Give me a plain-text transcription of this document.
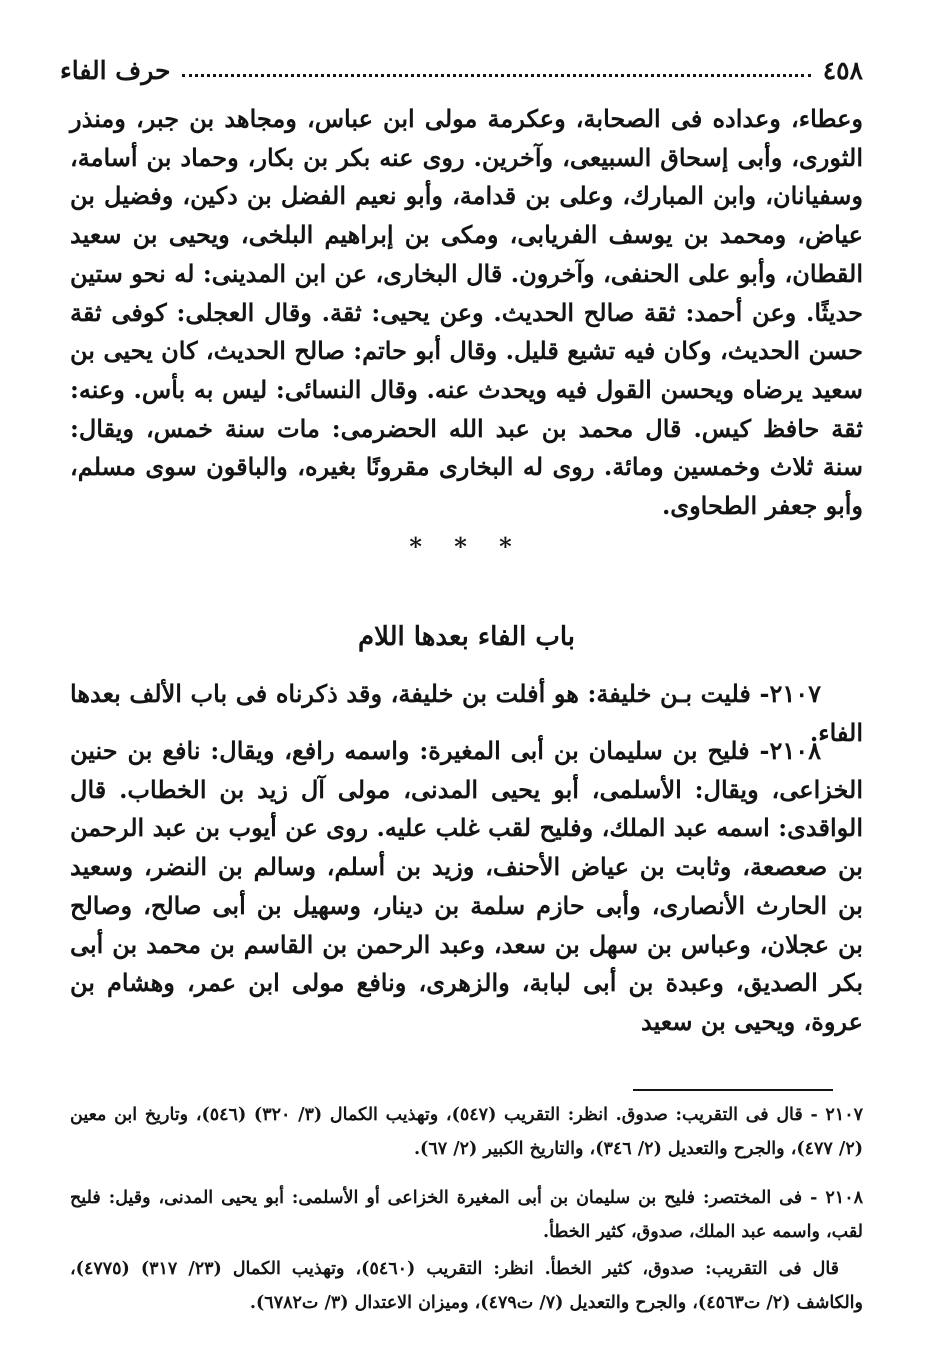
٤٥٨
حرف الفاء

وعطاء، وعداده فى الصحابة، وعكرمة مولى ابن عباس، ومجاهد بن جبر، ومنذر الثورى، وأبى إسحاق السبيعى، وآخرين. روى عنه بكر بن بكار، وحماد بن أسامة، وسفيانان، وابن المبارك، وعلى بن قدامة، وأبو نعيم الفضل بن دكين، وفضيل بن عياض، ومحمد بن يوسف الفريابى، ومكى بن إبراهيم البلخى، ويحيى بن سعيد القطان، وأبو على الحنفى، وآخرون. قال البخارى، عن ابن المدينى: له نحو ستين حديثًا. وعن أحمد: ثقة صالح الحديث. وعن يحيى: ثقة. وقال العجلى: كوفى ثقة حسن الحديث، وكان فيه تشيع قليل. وقال أبو حاتم: صالح الحديث، كان يحيى بن سعيد يرضاه ويحسن القول فيه ويحدث عنه. وقال النسائى: ليس به بأس. وعنه: ثقة حافظ كيس. قال محمد بن عبد الله الحضرمى: مات سنة خمس، ويقال: سنة ثلاث وخمسين ومائة. روى له البخارى مقرونًا بغيره، والباقون سوى مسلم، وأبو جعفر الطحاوى.

* * *
باب الفاء بعدها اللام

٢١٠٧- فليت بـن خليفة: هو أفلت بن خليفة، وقد ذكرناه فى باب الألف بعدها الفاء.

٢١٠٨- فليح بن سليمان بن أبى المغيرة: واسمه رافع، ويقال: نافع بن حنين الخزاعى، ويقال: الأسلمى، أبو يحيى المدنى، مولى آل زيد بن الخطاب. قال الواقدى: اسمه عبد الملك، وفليح لقب غلب عليه. روى عن أيوب بن عبد الرحمن بن صعصعة، وثابت بن عياض الأحنف، وزيد بن أسلم، وسالم بن النضر، وسعيد بن الحارث الأنصارى، وأبى حازم سلمة بن دينار، وسهيل بن أبى صالح، وصالح بن عجلان، وعباس بن سهل بن سعد، وعبد الرحمن بن القاسم بن محمد بن أبى بكر الصديق، وعبدة بن أبى لبابة، والزهرى، ونافع مولى ابن عمر، وهشام بن عروة، ويحيى بن سعيد

٢١٠٧ - قال فى التقريب: صدوق. انظر: التقريب (٥٤٧)، وتهذيب الكمال (٣/ ٣٢٠) (٥٤٦)، وتاريخ ابن معين (٢/ ٤٧٧)، والجرح والتعديل (٢/ ٣٤٦)، والتاريخ الكبير (٢/ ٦٧).

٢١٠٨ - فى المختصر: فليح بن سليمان بن أبى المغيرة الخزاعى أو الأسلمى: أبو يحيى المدنى، وقيل: فليح لقب، واسمه عبد الملك، صدوق، كثير الخطأ.

قال فى التقريب: صدوق، كثير الخطأ. انظر: التقريب (٥٤٦٠)، وتهذيب الكمال (٢٣/ ٣١٧) (٤٧٧٥)، والكاشف (٢/ ت٤٥٦٣)، والجرح والتعديل (٧/ ت٤٧٩)، وميزان الاعتدال (٣/ ت٦٧٨٢).
